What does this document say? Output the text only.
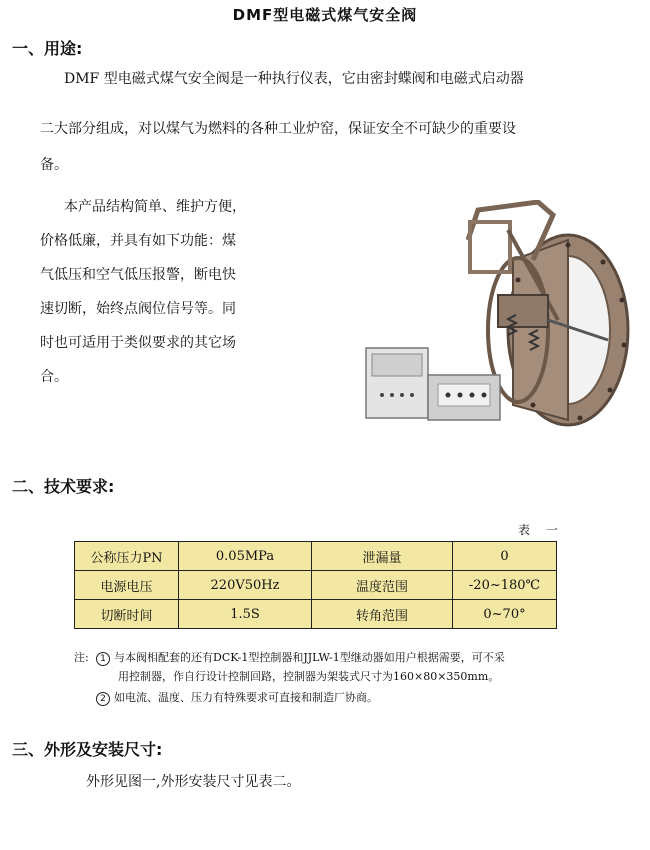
DMF型电磁式煤气安全阀
一、用途:
DMF 型电磁式煤气安全阀是一种执行仪表，它由密封蝶阀和电磁式启动器
二大部分组成，对以煤气为燃料的各种工业炉窑，保证安全不可缺少的重要设
备。
本产品结构简单、维护方便，
价格低廉，并具有如下功能：煤
气低压和空气低压报警，断电快
速切断，始终点阀位信号等。同
时也可适用于类似要求的其它场
合。
二、技术要求:
表 一
公称压力PN	0.05MPa	泄漏量	0
电源电压	220V50Hz	温度范围	-20~180℃
切断时间	1.5S	转角范围	0~70°
注:	1 与本阀相配套的还有DCK-1型控制器和JJLW-1型继动器如用户根据需要，可不采
用控制器，作自行设计控制回路，控制器为架装式尺寸为160×80×350mm。
2 如电流、温度、压力有特殊要求可直接和制造厂协商。
三、外形及安装尺寸:
外形见图一,外形安装尺寸见表二。
